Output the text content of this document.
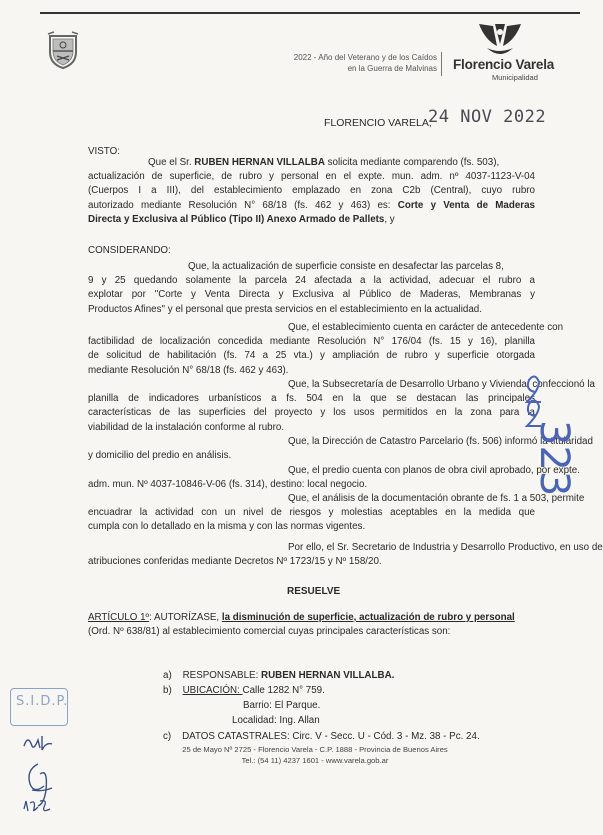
2022 - Año del Veterano y de los Caídos
en la Guerra de Malvinas Florencio Varela
Municipalidad
FLORENCIO VARELA,
24 NOV 2022
VISTO:
Que el Sr. RUBEN HERNAN VILLALBA solicita mediante comparendo (fs. 503),
actualización de superficie, de rubro y personal en el expte. mun. adm. nº 4037-1123-V-04
(Cuerpos I a III), del establecimiento emplazado en zona C2b (Central), cuyo rubro
autorizado mediante Resolución N° 68/18 (fs. 462 y 463) es: Corte y Venta de Maderas
Directa y Exclusiva al Público (Tipo II) Anexo Armado de Pallets, y
CONSIDERANDO:
Que, la actualización de superficie consiste en desafectar las parcelas 8,
9 y 25 quedando solamente la parcela 24 afectada a la actividad, adecuar el rubro a
explotar por "Corte y Venta Directa y Exclusiva al Público de Maderas, Membranas y
Productos Afines" y el personal que presta servicios en el establecimiento en la actualidad.
Que, el establecimiento cuenta en carácter de antecedente con
factibilidad de localización concedida mediante Resolución N° 176/04 (fs. 15 y 16), planilla
de solicitud de habilitación (fs. 74 a 25 vta.) y ampliación de rubro y superficie otorgada
mediante Resolución N° 68/18 (fs. 462 y 463).
Que, la Subsecretaría de Desarrollo Urbano y Vivienda, confeccionó la
planilla de indicadores urbanísticos a fs. 504 en la que se destacan las principales
características de las superficies del proyecto y los usos permitidos en la zona para la
viabilidad de la instalación conforme al rubro.
Que, la Dirección de Catastro Parcelario (fs. 506) informó la titularidad
y domicilio del predio en análisis.
Que, el predio cuenta con planos de obra civil aprobado, por expte.
adm. mun. Nº 4037-10846-V-06 (fs. 314), destino: local negocio.
Que, el análisis de la documentación obrante de fs. 1 a 503, permite
encuadrar la actividad con un nivel de riesgos y molestias aceptables en la medida que
cumpla con lo detallado en la misma y con las normas vigentes.
Por ello, el Sr. Secretario de Industria y Desarrollo Productivo, en uso de
atribuciones conferidas mediante Decretos Nº 1723/15 y Nº 158/20.
RESUELVE
ARTÍCULO 1º: AUTORÍZASE, la disminución de superficie, actualización de rubro y personal
(Ord. Nº 638/81) al establecimiento comercial cuyas principales características son:
a) RESPONSABLE: RUBEN HERNAN VILLALBA.
b) UBICACIÓN: Calle 1282 N° 759.
Barrio: El Parque.
Localidad: Ing. Allan
c) DATOS CATASTRALES: Circ. V - Secc. U - Cód. 3 - Mz. 38 - Pc. 24.
25 de Mayo Nº 2725 - Florencio Varela - C.P. 1888 - Provincia de Buenos Aires
Tel.: (54 11) 4237 1601 - www.varela.gob.ar
S.I.D.P.
323
